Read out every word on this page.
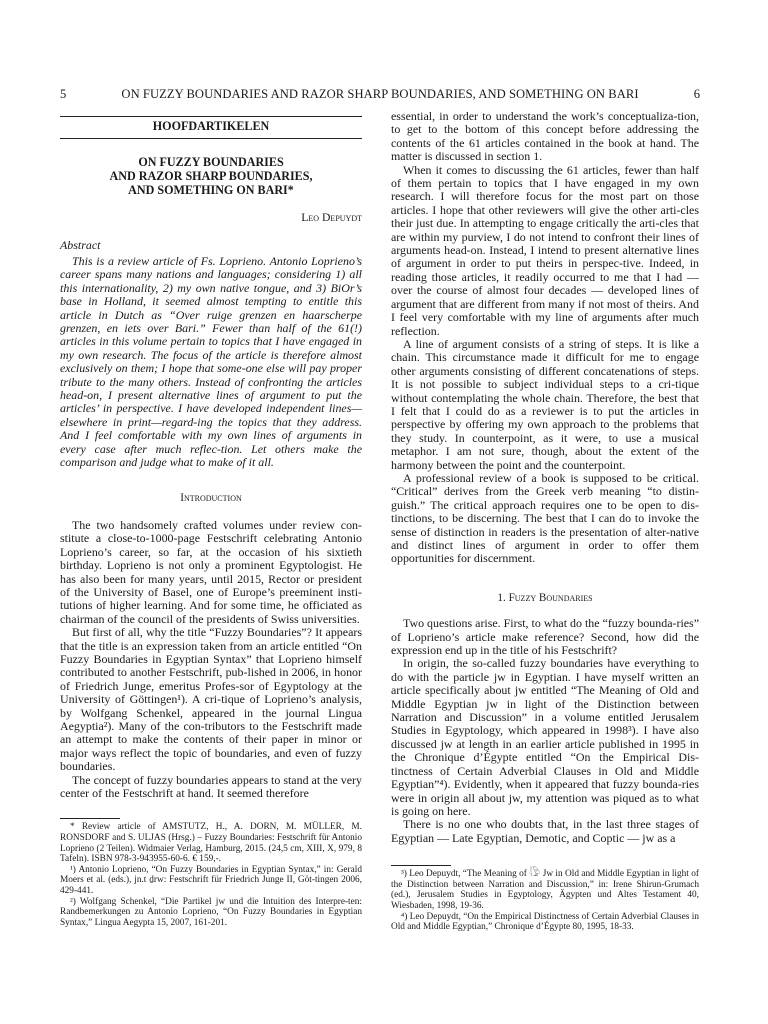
5	ON FUZZY BOUNDARIES AND RAZOR SHARP BOUNDARIES, AND SOMETHING ON BARI	6
HOOFDARTIKELEN
ON FUZZY BOUNDARIES
AND RAZOR SHARP BOUNDARIES,
AND SOMETHING ON BARI*
Leo Depuydt
Abstract

This is a review article of Fs. Loprieno. Antonio Loprieno’s career spans many nations and languages; considering 1) all this internationality, 2) my own native tongue, and 3) BiOr’s base in Holland, it seemed almost tempting to entitle this article in Dutch as “Over ruige grenzen en haarscherpe grenzen, en iets over Bari.” Fewer than half of the 61(!) articles in this volume pertain to topics that I have engaged in my own research. The focus of the article is therefore almost exclusively on them; I hope that some-one else will pay proper tribute to the many others. Instead of confronting the articles head-on, I present alternative lines of argument to put the articles’ in perspective. I have developed independent lines— elsewhere in print—regard-ing the topics that they address. And I feel comfortable with my own lines of arguments in every case after much reflec-tion. Let others make the comparison and judge what to make of it all.

Introduction

The two handsomely crafted volumes under review con-stitute a close-to-1000-page Festschrift celebrating Antonio Loprieno’s career, so far, at the occasion of his sixtieth birthday. Loprieno is not only a prominent Egyptologist. He has also been for many years, until 2015, Rector or president of the University of Basel, one of Europe’s preeminent insti-tutions of higher learning. And for some time, he officiated as chairman of the council of the presidents of Swiss universities.

But first of all, why the title “Fuzzy Boundaries”? It appears that the title is an expression taken from an article entitled “On Fuzzy Boundaries in Egyptian Syntax” that Loprieno himself contributed to another Festschrift, pub-lished in 2006, in honor of Friedrich Junge, emeritus Profes-sor of Egyptology at the University of Göttingen¹). A cri-tique of Loprieno’s analysis, by Wolfgang Schenkel, appeared in the journal Lingua Aegyptia²). Many of the con-tributors to the Festschrift made an attempt to make the contents of their paper in minor or major ways reflect the topic of boundaries, and even of fuzzy boundaries.

The concept of fuzzy boundaries appears to stand at the very center of the Festschrift at hand. It seemed therefore

* Review article of AMSTUTZ, H., A. DORN, M. MÜLLER, M. RONSDORF and S. ULJAS (Hrsg.) – Fuzzy Boundaries: Festschrift für Antonio Loprieno (2 Teilen). Widmaier Verlag, Hamburg, 2015. (24,5 cm, XIII, X, 979, 8 Tafeln). ISBN 978-3-943955-60-6. € 159,-.
¹) Antonio Loprieno, “On Fuzzy Boundaries in Egyptian Syntax,” in: Gerald Moers et al. (eds.), jn.t ḏrw: Festschrift für Friedrich Junge II, Göt-tingen 2006, 429-441.
²) Wolfgang Schenkel, “Die Partikel jw und die Intuition des Interpre-ten: Randbemerkungen zu Antonio Loprieno, “On Fuzzy Boundaries in Egyptian Syntax,” Lingua Aegypta 15, 2007, 161-201.

essential, in order to understand the work’s conceptualiza-tion, to get to the bottom of this concept before addressing the contents of the 61 articles contained in the book at hand. The matter is discussed in section 1.

When it comes to discussing the 61 articles, fewer than half of them pertain to topics that I have engaged in my own research. I will therefore focus for the most part on those articles. I hope that other reviewers will give the other arti-cles their just due. In attempting to engage critically the arti-cles that are within my purview, I do not intend to confront their lines of arguments head-on. Instead, I intend to present alternative lines of argument in order to put theirs in perspec-tive. Indeed, in reading those articles, it readily occurred to me that I had — over the course of almost four decades — developed lines of argument that are different from many if not most of theirs. And I feel very comfortable with my line of arguments after much reflection.

A line of argument consists of a string of steps. It is like a chain. This circumstance made it difficult for me to engage other arguments consisting of different concatenations of steps. It is not possible to subject individual steps to a cri-tique without contemplating the whole chain. Therefore, the best that I felt that I could do as a reviewer is to put the articles in perspective by offering my own approach to the problems that they study. In counterpoint, as it were, to use a musical metaphor. I am not sure, though, about the extent of the harmony between the point and the counterpoint.

A professional review of a book is supposed to be critical. “Critical” derives from the Greek verb meaning “to distin-guish.” The critical approach requires one to be open to dis-tinctions, to be discerning. The best that I can do to invoke the sense of distinction in readers is the presentation of alter-native and distinct lines of argument in order to offer them opportunities for discernment.

1. Fuzzy Boundaries

Two questions arise. First, to what do the “fuzzy bounda-ries” of Loprieno’s article make reference? Second, how did the expression end up in the title of his Festschrift?

In origin, the so-called fuzzy boundaries have everything to do with the particle jw in Egyptian. I have myself written an article specifically about jw entitled “The Meaning of Old and Middle Egyptian jw in light of the Distinction between Narration and Discussion” in a volume entitled Jerusalem Studies in Egyptology, which appeared in 1998³). I have also discussed jw at length in an earlier article published in 1995 in the Chronique d’Égypte entitled “On the Empirical Dis-tinctness of Certain Adverbial Clauses in Old and Middle Egyptian”⁴). Evidently, when it appeared that fuzzy bounda-ries were in origin all about jw, my attention was piqued as to what is going on here.

There is no one who doubts that, in the last three stages of Egyptian — Late Egyptian, Demotic, and Coptic — jw as a

³) Leo Depuydt, “The Meaning of 𓇋𓅱 Jw in Old and Middle Egyptian in light of the Distinction between Narration and Discussion,” in: Irene Shirun-Grumach (ed.), Jerusalem Studies in Egyptology, Ägypten und Altes Testament 40, Wiesbaden, 1998, 19-36.
⁴) Leo Depuydt, “On the Empirical Distinctness of Certain Adverbial Clauses in Old and Middle Egyptian,” Chronique d’Égypte 80, 1995, 18-33.
